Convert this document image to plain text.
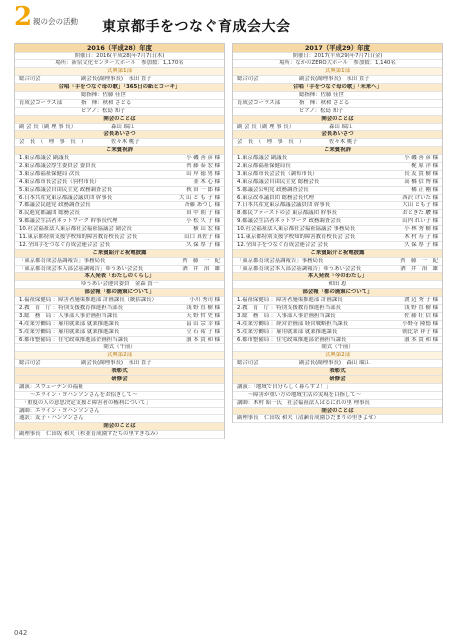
2 親の会の活動 東京都手をつなぐ育成会大会
2016（平成28）年度
開催日：2016(平成28)年7月7日(木)
場所：新宿文化センター大ホール　参加数：1,170名
式典第1部
総合司会	副会長(副理事長)　永田 直子
合唱「手をつなぐ母の歌」「365日の紙ヒコーキ」
総指揮：佐藤 佳世
育成会コーラス部	指　揮：秋和 さとる
ピアノ：松島 知子
開会のことば
副 会 長（副 理 事 長）	森山 瑠江
会長あいさつ
会　長　（　理　事　長　）	佐々木 桃子
ご来賓祝辞
1.東京都議会 副議長	小 磯 善 彦 様
2.東京都議会厚生委員会 委員長	齊 藤 泰 宏 様
3.東京都福祉保健局 次長	山 岸 徳 男 様
4.東京都市長会会長（羽村市長）	並 木 心 様
5.東京都議会自由民主党 政務調査会長	秋 田 一 郎 様
6.日本共産党東京都議会議員団 幹事長	大 山 と も 子 様
7.都議会民進党 政務調査会長	斉藤 あつし 様
8.民進党都議団 総務会長	田 中 朝 子 様
9.都議会生活者ネットワーク 幹事長代理	小 松 久 子 様
10.社会福祉法人東京都社会福祉協議会 副会長	横 山 宏 様
11.東京都特別支援学校知的障害教育校長会 会長	山口 真佐子 様
12.全国手をつなぐ育成会連合会 会長	久 保 厚 子 様
ご来賓紹介と祝電披露
「東京都育成会基調報告」事務局長	齊　藤　一　紀
「東京都育成会本人部会基調報告」ゆうあい会会長	酒　井　治　雄
本人発表「わたしのくらし」
ゆうあい会運営委員　金森 賀一
部会報「都の施策について」
1.福祉保健局 ：障害者施策推進部 計画課長（統括課長）	小川 秀司 様
2.教　育　庁 ：特別支援教育推進担当部長	浅 野 直 樹 様
3.総　務　局 ：人事部人事企画担当課長	天 野 哲 史 様
4.産業労働局 ：雇用就業部 就業推進課長	畠 山 宗 幸 様
5.産業労働局 ：雇用就業部 就業推進課長	立 石 祐 子 様
6.都市整備局 ：住宅政策推進部企画担当課長	濱 本 貴 和 様
閉式（午前）
式典第2部
総合司会	副会長(副理事長)　永田 直子
表彰式
研修会
講演：スウェーデンの福祉
　　～エライン・ヨハンソンさんをお招きして～
　「重度の人の意思決定支援と障害者の権利について」
講師：エライン・ヨハンソンさん
通訳：友子・ハンソンさん
閉会のことば
副理事長　仁田坂 和夫（杉並育成園すだちの里すぎなみ）
2017（平成29）年度
開催日：2017(平成29)年7月7日(金)
場所：なかのZERO大ホール　参加数：1,140名
式典第1部
総合司会	副会長(副理事長)　永田 直子
合唱「手をつなぐ母の歌」「未来へ」
総指揮：佐藤 佳世
育成会コーラス部	指　揮：秋和 さとる
ピアノ：松島 知子
開会のことば
副 会 長（副 理 事 長）	森山 瑠江
会長あいさつ
会　長　（　理　事　長　）	佐々木 桃子
ご来賓祝辞
1.東京都議会 副議長	小 磯 善 彦 様
2.東京都福祉保健局長	梶 原 洋 様
3.東京都市長会会長（調布市長）	長 友 貴 樹 様
4.東京都議会自由民主党 総務会長	高 橋 信 博 様
5.都議会公明党 政務調査会長	橘 正 剛 様
6.東京改革議員団 総務会長代理	西沢 けいた 様
7.日本共産党東京都議会議員団 幹事長	大山 とも子 様
8.都民ファーストの会 東京都議団 幹事長	おときた 駿 様
9.都議会生活者ネットワーク 政務調査会長	山内 れい子 様
10.社会福祉法人東京都社会福祉協議会 事務局長	小 林 秀 樹 様
11.東京都特別支援学校知的障害教育校長会 会長	木 村 寿 子 様
12.全国手をつなぐ育成会連合会 会長	久 保 厚 子 様
ご来賓紹介と祝電披露
「東京都育成会基調報告」事務局長	齊　藤　一　紀
「東京都育成会本人部会基調報告」ゆうあい会会長	酒　井　治　雄
本人発表「今のわたし」
和田 恵
部会報「都の施策について」
1.福祉保健局 ：障害者施策推進部 計画課長	渡 辺 秀 子 様
2.教　育　庁 ：特別支援教育推進担当部長	浅 野 直 樹 様
3.総　務　局 ：人事部人事企画担当課長	佐 藤 壮 信 様
4.産業労働局 ：経営企画部 経営戦略担当課長	小野寺 隆德 様
5.産業労働局 ：雇用就業部 就業推進課長	朝比奈 祥子 様
6.都市整備局 ：住宅政策推進部企画担当課長	濱 本 貴 和 様
閉式（午前）
式典第2部
総合司会	副会長(副理事長)　森山 瑠江
表彰式
研修会
講演：「地域で自分らしく暮らす２！」
　　～障害が重い方の地域生活の実現を目指して～
講師：木村 昭一氏　社会福祉法人はるにれの里 理事長
閉会のことば
副理事長　仁田坂 和夫（清瀬育成園ひだまりの里きよせ）
042
